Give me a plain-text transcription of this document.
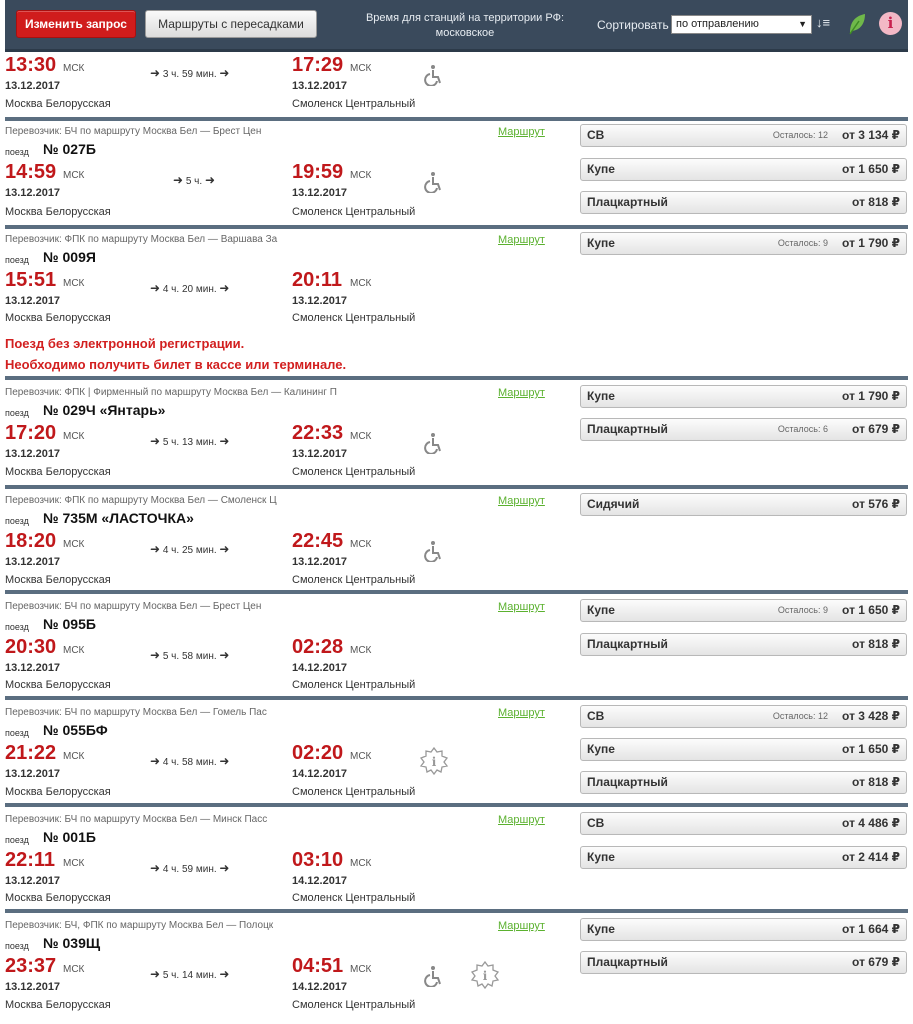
Изменить запрос	Маршруты с пересадками	Время для станций на территории РФ: московское
Сортировать по отправлению	▼ ↓≡	i
13:30 МСК
13.12.2017
Москва Белорусская
➜ 3 ч. 59 мин. ➜	17:29 МСК
13.12.2017
Смоленск Центральный
Перевозчик: БЧ по маршруту Москва Бел — Брест Цен	Маршрут
поезд № 027Б
14:59 МСК
13.12.2017
Москва Белорусская
➜ 5 ч. ➜	19:59 МСК
13.12.2017
Смоленск Центральный
СВ	Осталось: 12 от 3 134 ₽
Купе	от 1 650 ₽
Плацкартный	от 818 ₽
Перевозчик: ФПК по маршруту Москва Бел — Варшава За	Маршрут
поезд № 009Я
15:51 МСК
13.12.2017
Москва Белорусская
➜ 4 ч. 20 мин. ➜	20:11 МСК
13.12.2017
Смоленск Центральный
Поезд без электронной регистрации.
Необходимо получить билет в кассе или терминале.
Купе	Осталось: 9 от 1 790 ₽
Перевозчик: ФПК | Фирменный по маршруту Москва Бел — Калининг П	Маршрут
поезд № 029Ч «Янтарь»
17:20 МСК
13.12.2017
Москва Белорусская
➜ 5 ч. 13 мин. ➜	22:33 МСК
13.12.2017
Смоленск Центральный
Купе	от 1 790 ₽
Плацкартный	Осталось: 6 от 679 ₽
Перевозчик: ФПК по маршруту Москва Бел — Смоленск Ц	Маршрут
поезд № 735М «ЛАСТОЧКА»
18:20 МСК
13.12.2017
Москва Белорусская
➜ 4 ч. 25 мин. ➜	22:45 МСК
13.12.2017
Смоленск Центральный
Сидячий	от 576 ₽
Перевозчик: БЧ по маршруту Москва Бел — Брест Цен	Маршрут
поезд № 095Б
20:30 МСК
13.12.2017
Москва Белорусская
➜ 5 ч. 58 мин. ➜	02:28 МСК
14.12.2017
Смоленск Центральный
Купе	Осталось: 9 от 1 650 ₽
Плацкартный	от 818 ₽
Перевозчик: БЧ по маршруту Москва Бел — Гомель Пас	Маршрут
поезд № 055БФ
21:22 МСК
13.12.2017
Москва Белорусская
➜ 4 ч. 58 мин. ➜	02:20 МСК
14.12.2017
Смоленск Центральный
i
СВ	Осталось: 12 от 3 428 ₽
Купе	от 1 650 ₽
Плацкартный	от 818 ₽
Перевозчик: БЧ по маршруту Москва Бел — Минск Пасс	Маршрут
поезд № 001Б
22:11 МСК
13.12.2017
Москва Белорусская
➜ 4 ч. 59 мин. ➜	03:10 МСК
14.12.2017
Смоленск Центральный
СВ	от 4 486 ₽
Купе	от 2 414 ₽
Перевозчик: БЧ, ФПК по маршруту Москва Бел — Полоцк	Маршрут
поезд № 039Щ
23:37 МСК
13.12.2017
Москва Белорусская
➜ 5 ч. 14 мин. ➜	04:51 МСК
14.12.2017
Смоленск Центральный
i
Купе	от 1 664 ₽
Плацкартный	от 679 ₽
